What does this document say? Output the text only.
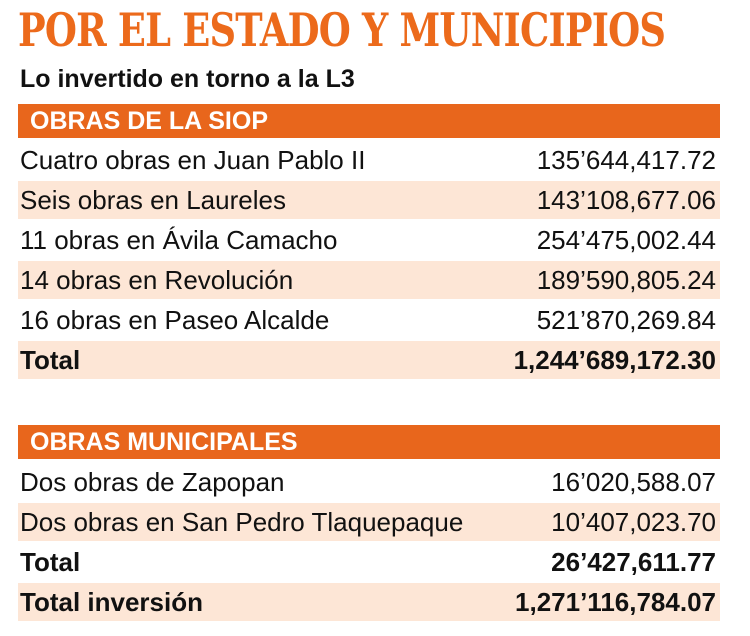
POR EL ESTADO Y MUNICIPIOS
Lo invertido en torno a la L3
OBRAS DE LA SIOP
Cuatro obras en Juan Pablo II	135’644,417.72
Seis obras en Laureles	143’108,677.06
11 obras en Ávila Camacho	254’475,002.44
14 obras en Revolución	189’590,805.24
16 obras en Paseo Alcalde	521’870,269.84
Total	1,244’689,172.30
OBRAS MUNICIPALES
Dos obras de Zapopan	16’020,588.07
Dos obras en San Pedro Tlaquepaque	10’407,023.70
Total	26’427,611.77
Total inversión	1,271’116,784.07
